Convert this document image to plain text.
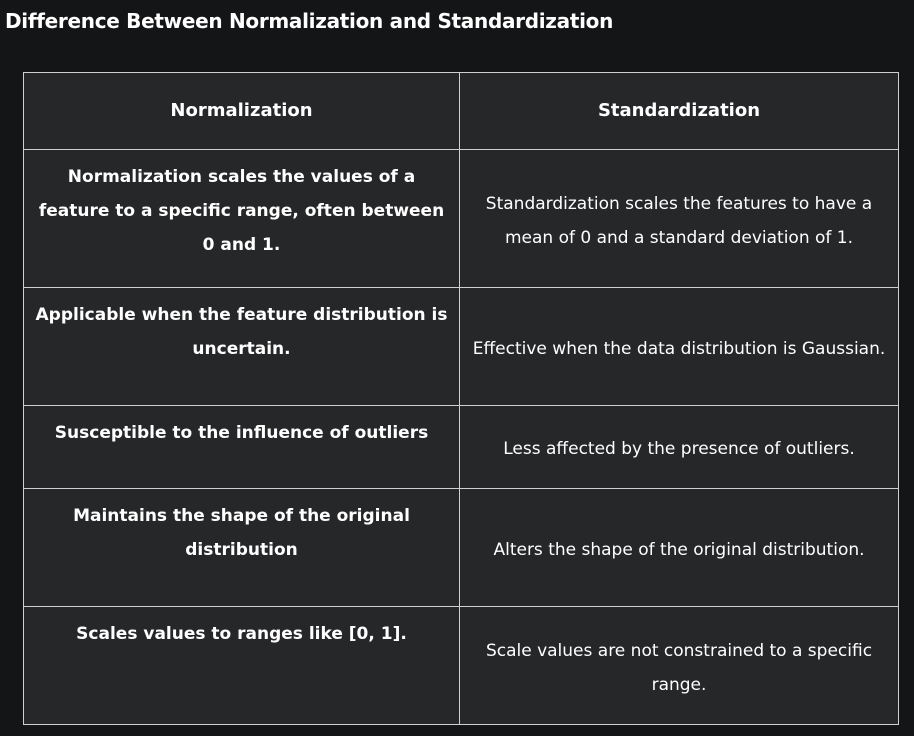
Difference Between Normalization and Standardization
Normalization	Standardization
Normalization scales the values of a feature to a specific range, often between 0 and 1.	Standardization scales the features to have a mean of 0 and a standard deviation of 1.
Applicable when the feature distribution is uncertain.	Effective when the data distribution is Gaussian.
Susceptible to the influence of outliers	Less affected by the presence of outliers.
Maintains the shape of the original distribution	Alters the shape of the original distribution.
Scales values to ranges like [0, 1].	Scale values are not constrained to a specific range.
